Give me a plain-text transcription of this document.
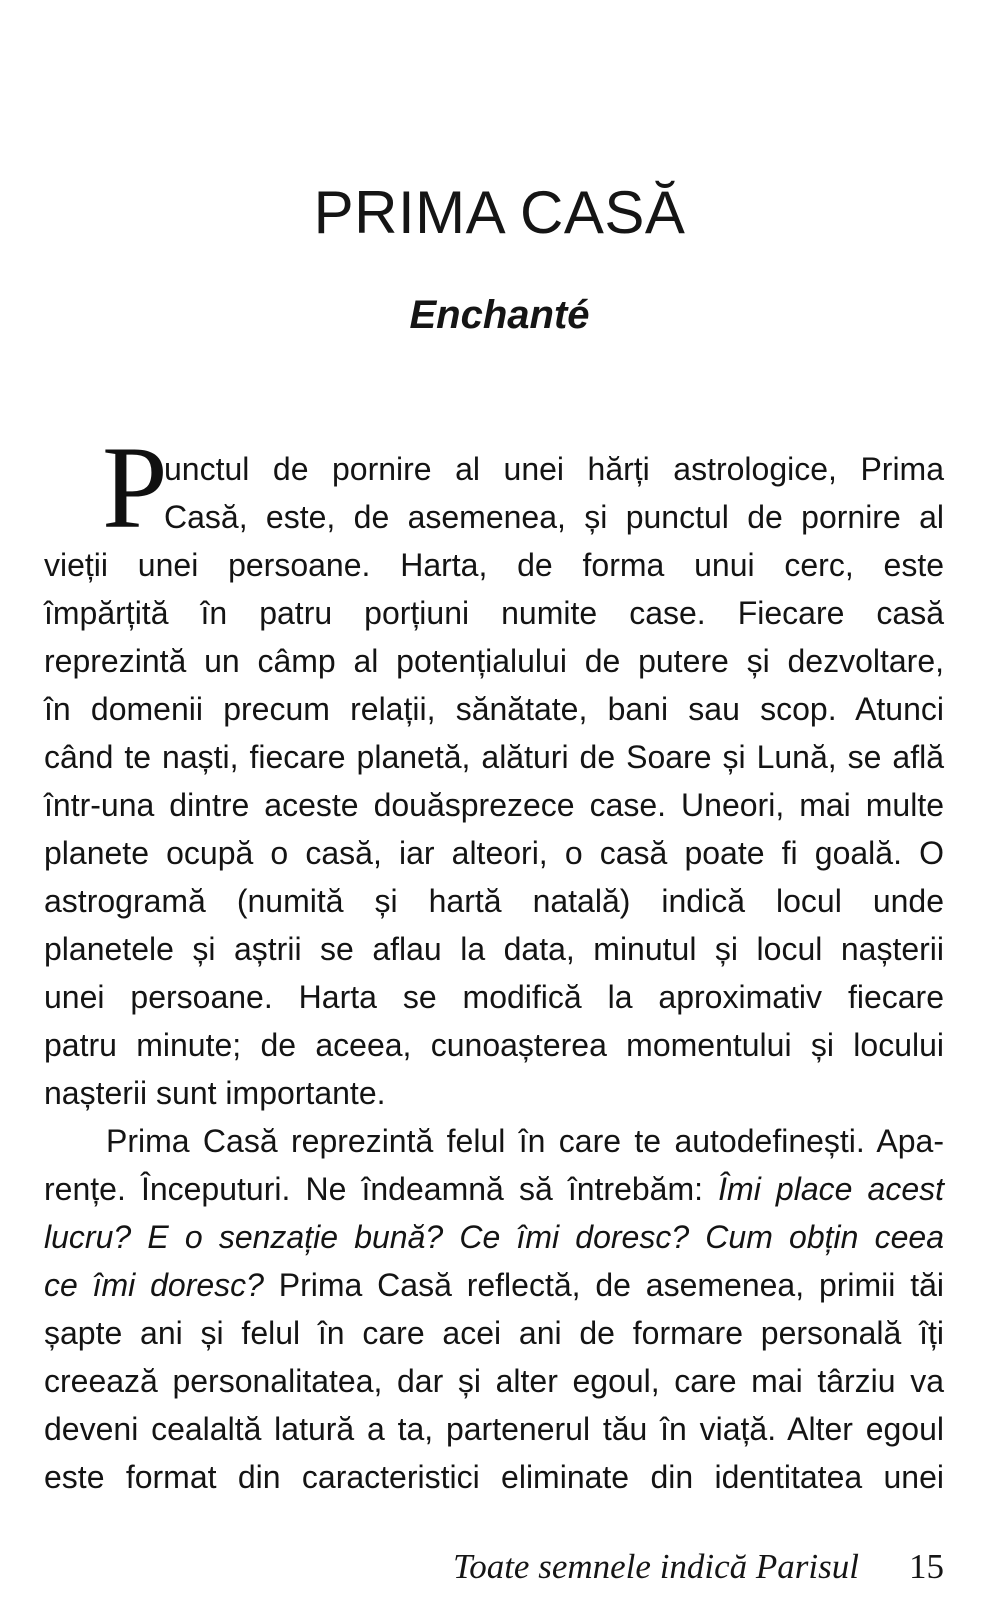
PRIMA CASĂ
Enchanté
P
unctul de pornire al unei hărți astrologice, Prima
Casă, este, de asemenea, și punctul de pornire al
vieții unei persoane. Harta, de forma unui cerc, este
împărțită în patru porțiuni numite case. Fiecare casă
reprezintă un câmp al potențialului de putere și dezvoltare,
în domenii precum relații, sănătate, bani sau scop. Atunci
când te naști, fiecare planetă, alături de Soare și Lună, se află
într-una dintre aceste douăsprezece case. Uneori, mai multe
planete ocupă o casă, iar alteori, o casă poate fi goală. O
astrogramă (numită și hartă natală) indică locul unde
planetele și aștrii se aflau la data, minutul și locul nașterii
unei persoane. Harta se modifică la aproximativ fiecare
patru minute; de aceea, cunoașterea momentului și locului
nașterii sunt importante.
Prima Casă reprezintă felul în care te autodefinești. Apa-
rențe. Începuturi. Ne îndeamnă să întrebăm: Îmi place acest
lucru? E o senzație bună? Ce îmi doresc? Cum obțin ceea
ce îmi doresc? Prima Casă reflectă, de asemenea, primii tăi
șapte ani și felul în care acei ani de formare personală îți
creează personalitatea, dar și alter egoul, care mai târziu va
deveni cealaltă latură a ta, partenerul tău în viață. Alter egoul
este format din caracteristici eliminate din identitatea unei
Toate semnele indică Parisul 15
